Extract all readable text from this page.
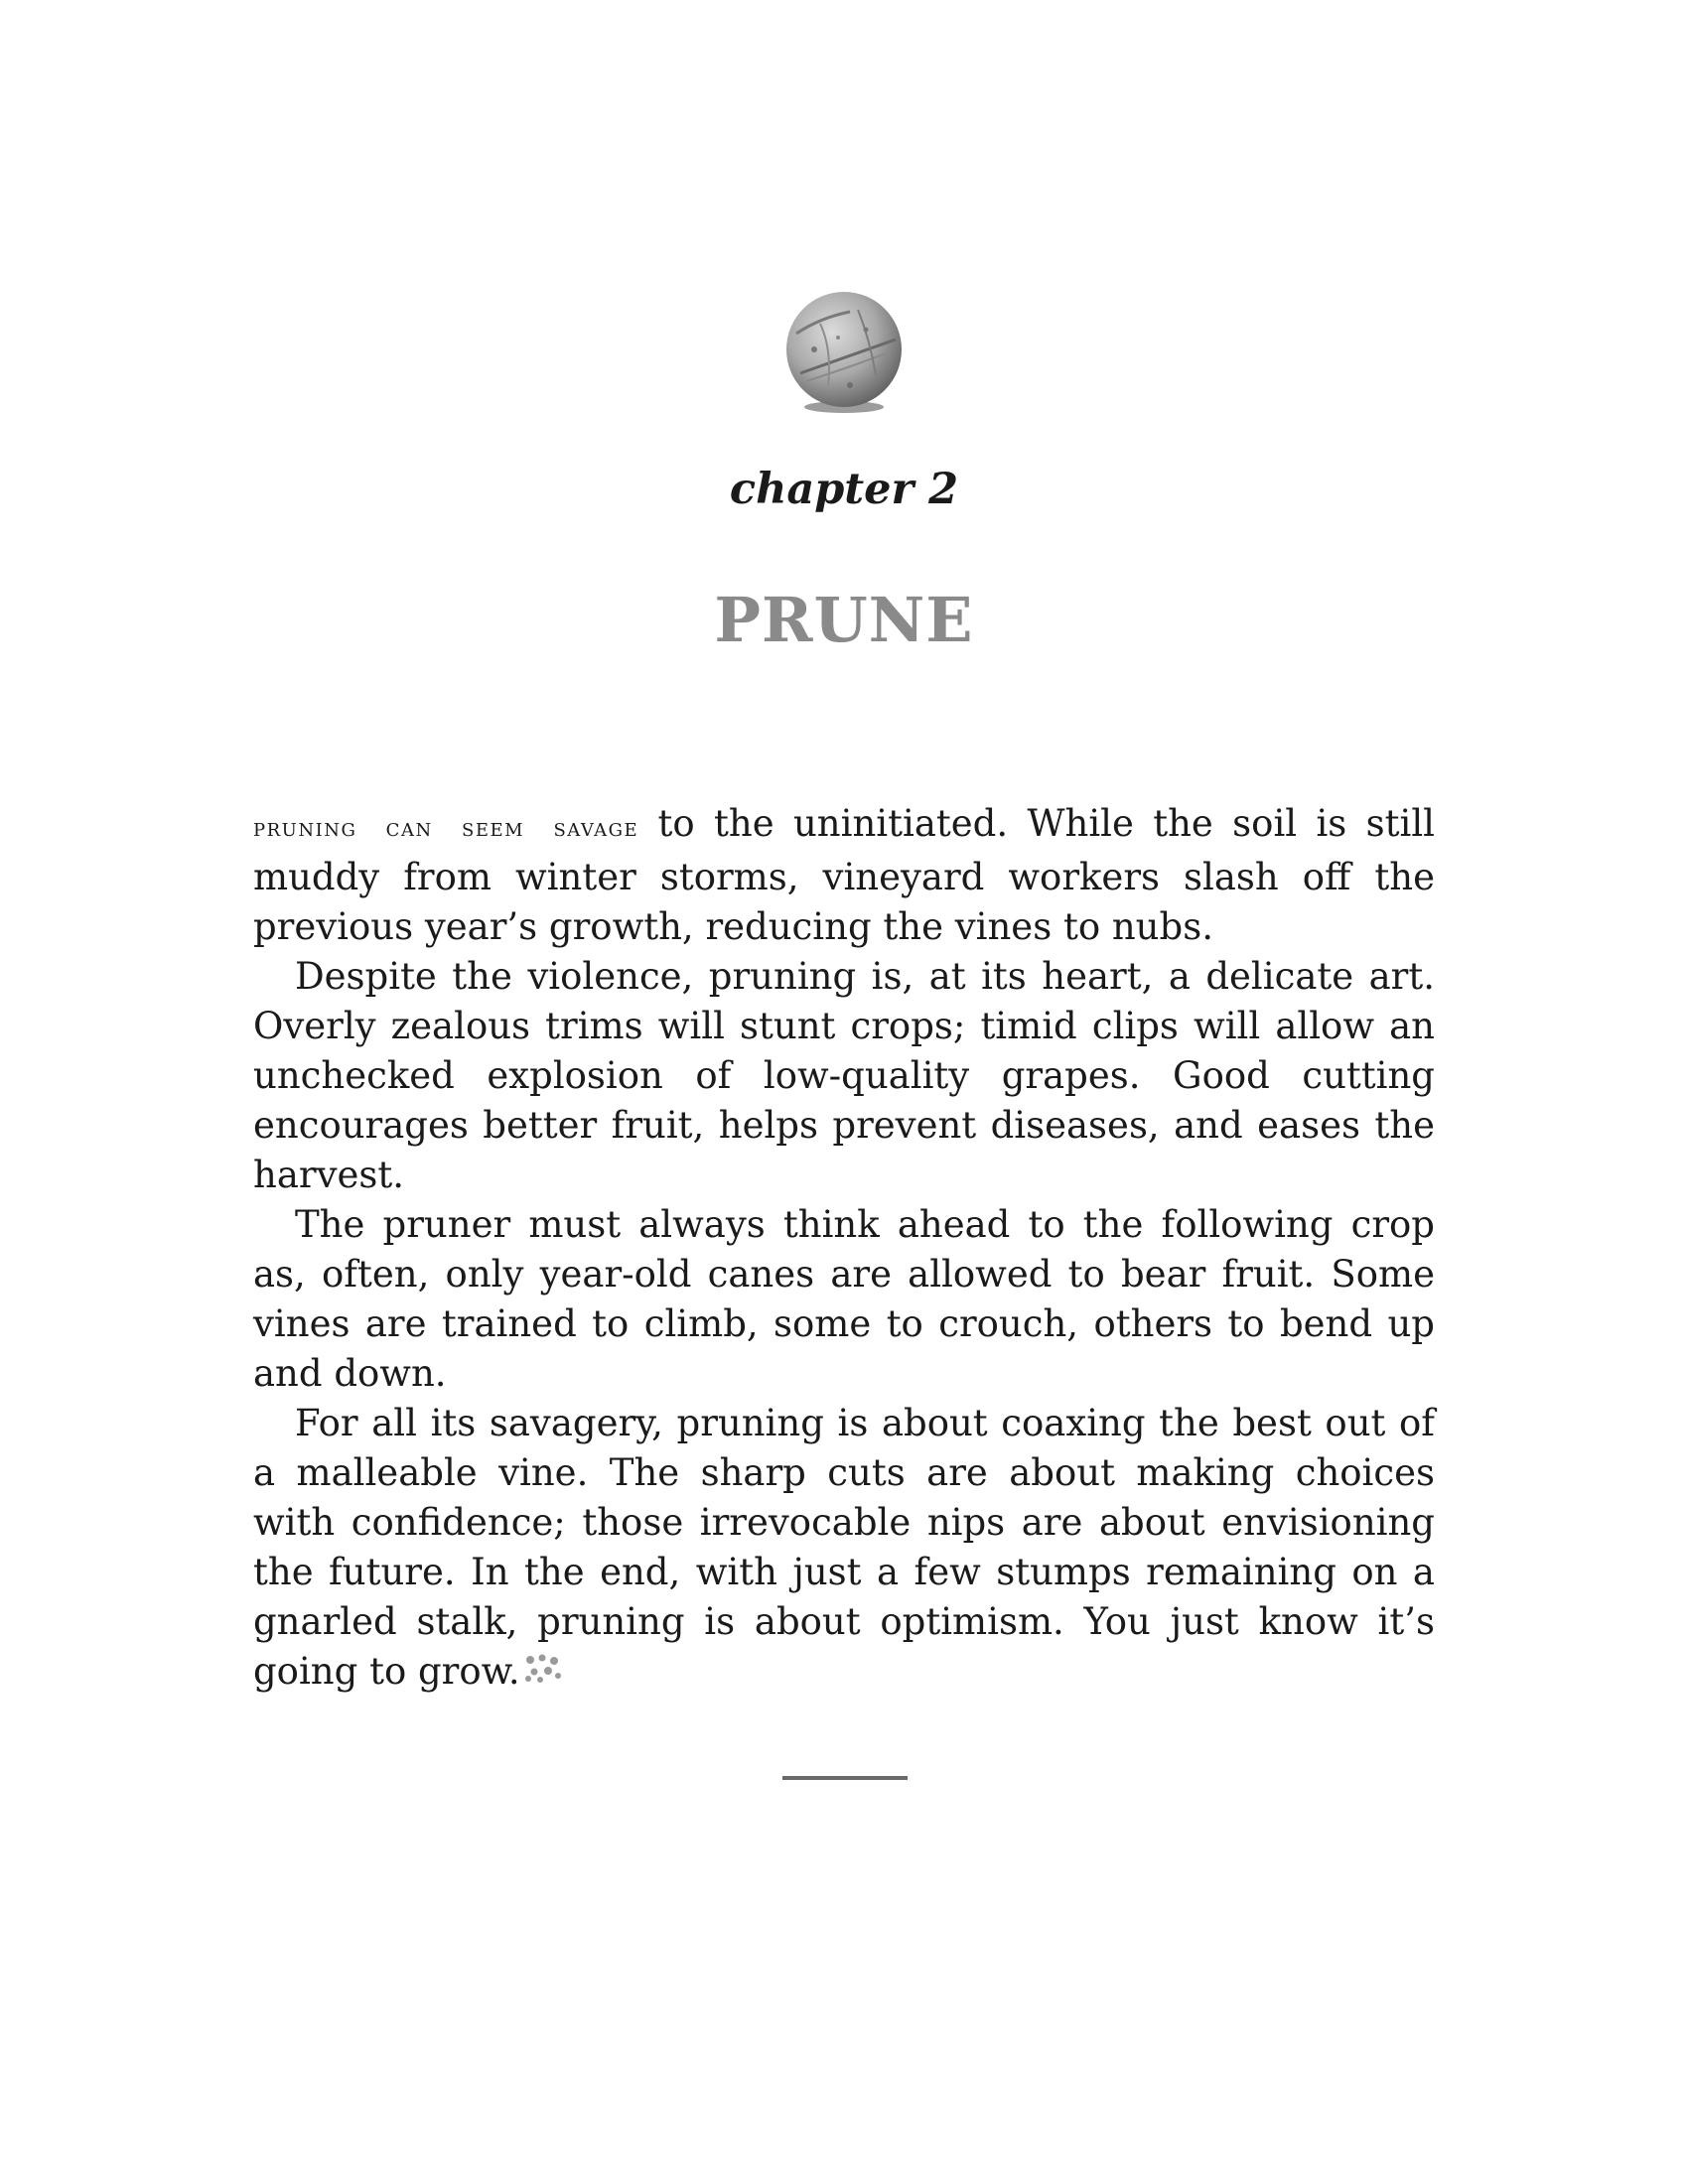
chapter 2
PRUNE

pruning can seem savage to the uninitiated. While the soil is still muddy from winter storms, vineyard workers slash off the previous year’s growth, reducing the vines to nubs.

Despite the violence, pruning is, at its heart, a delicate art. Overly zealous trims will stunt crops; timid clips will allow an unchecked explosion of low-quality grapes. Good cutting encourages better fruit, helps prevent diseases, and eases the harvest.

The pruner must always think ahead to the following crop as, often, only year-old canes are allowed to bear fruit. Some vines are trained to climb, some to crouch, others to bend up and down.

For all its savagery, pruning is about coaxing the best out of a malleable vine. The sharp cuts are about making choices with confidence; those irrevocable nips are about envisioning the future. In the end, with just a few stumps remaining on a gnarled stalk, pruning is about optimism. You just know it’s going to grow.
